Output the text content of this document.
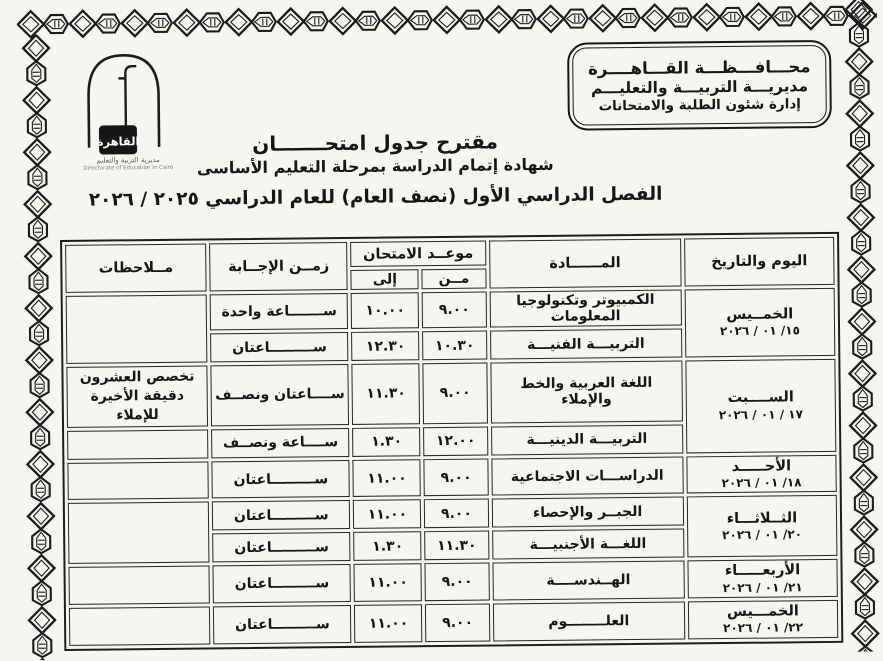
القاهرة
مديرية التربية والتعليم
Directorate of Education in Cairo
محـــافـــظـــة القـــاهــــرة
مديريـــة التربيـــة والتعليـــم
إدارة شئون الطلبة والامتحانات
مقترح جدول امتحـــــــان
شهادة إتمام الدراسة بمرحلة التعليم الأساسى
الفصل الدراسي الأول (نصف العام) للعام الدراسي ٢٠٢٥ / ٢٠٢٦
اليوم والتاريخ	المــــــادة	موعــد الامتحان		زمــن الإجــابة	مــلاحظات
		مــن	إلى		

الخمــيس
١٥/ ٠١ / ٢٠٢٦	الكمبيوتر وتكنولوجيا المعلومات	٩.٠٠	١٠.٠٠	ســـــــاعة واحدة	
	التربيـــة الفنيـــة	١٠.٣٠	١٢.٣٠	ســـــــــاعتان	

الســــبت
١٧ / ٠١ / ٢٠٢٦	اللغة العربية والخط والإملاء	٩.٠٠	١١.٣٠	ســــاعتان ونصــف	تخصص العشرون دقيقة الأخيرة للإملاء
	التربيـــة الدينيـــة	١٢.٠٠	١.٣٠	ســــاعة ونصــف	

الأحـــــد
١٨/ ٠١ / ٢٠٢٦	الدراســـات الاجتماعية	٩.٠٠	١١.٠٠	ســـــــــاعتان	

الثــلاثـــاء
٢٠/ ٠١ / ٢٠٢٦	الجبــر والإحصاء	٩.٠٠	١١.٠٠	ســـــــــاعتان	
	اللغـــة الأجنبيـــة	١١.٣٠	١.٣٠	ســـــــــاعتان	

الأربعـــــاء
٢١/ ٠١ / ٢٠٢٦	الهــندســــة	٩.٠٠	١١.٠٠	ســـــــــاعتان	

الخمـــيس
٢٢/ ٠١ / ٢٠٢٦	العلــــــــوم	٩.٠٠	١١.٠٠	ســـــــــاعتان	
